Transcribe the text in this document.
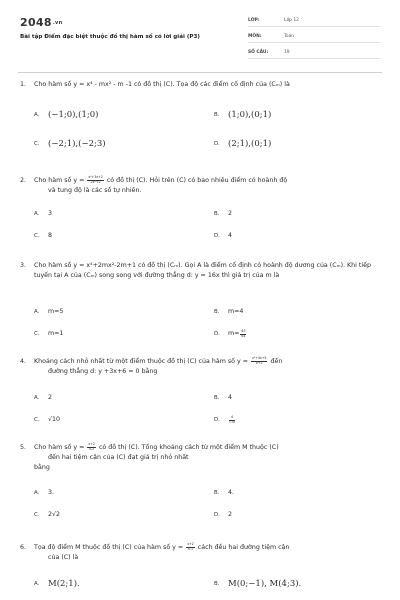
2048.vn
Bài tập Điểm đặc biệt thuộc đồ thị hàm số có lời giải (P3)
LỚP:	Lớp 12
MÔN:	Toán
SỐ CÂU:	19
1.	Cho hàm số y = x⁴ - mx² - m -1 có đồ thị (C). Tọa độ các điểm cố định của (Cₘ) là
A.	(−1;0),(1;0)	B.	(1;0),(0;1)
C.	(−2;1),(−2;3)	D. (2;1),(0;1)
2.	Cho hàm số $y = \frac{\text{x²+3x+2}}{\text{2x²+2}}$ có đồ thị (C). Hỏi trên (C) có bao nhiêu điểm có hoành độ
và tung độ là các số tự nhiên.
A.	3	B.	2
C.	8	D.	4
3.	Cho hàm số y = x⁴+2mx²-2m+1 có đồ thị (Cₘ). Gọi A là điểm cố định có hoành độ dương của (Cₘ). Khi tiếp tuyến tại A của (Cₘ) song song với đường thẳng d: y = 16x thì giá trị của m là
A.	m=5	B.	m=4
C.	m=1	D.	$m= \frac{63}{64}$
4.	Khoảng cách nhỏ nhất từ một điểm thuộc đồ thị (C) của hàm số $y = \frac{\text{x²+4x+5}}{x+2}$ đến
đường thẳng d: y +3x+6 = 0 bằng
A.	2	B.	4
C.	√10	D.	$\frac{4}{√10}$
5.	Cho hàm số $y = \frac{x+2}{x-2}$ có đồ thị (C). Tổng khoảng cách từ một điểm M thuộc (C)
đến hai tiệm cận của (C) đạt giá trị nhỏ nhất
bằng
A.	3.	B.	4.
C.	2√2	D.	2
6.	Tọa độ điểm M thuộc đồ thị (C) của hàm số $y = \frac{x+2}{x-1}$ cách đều hai đường tiệm cận
của (C) là
A.	M(2;1).	B.	M(0;−1), M(4;3).
